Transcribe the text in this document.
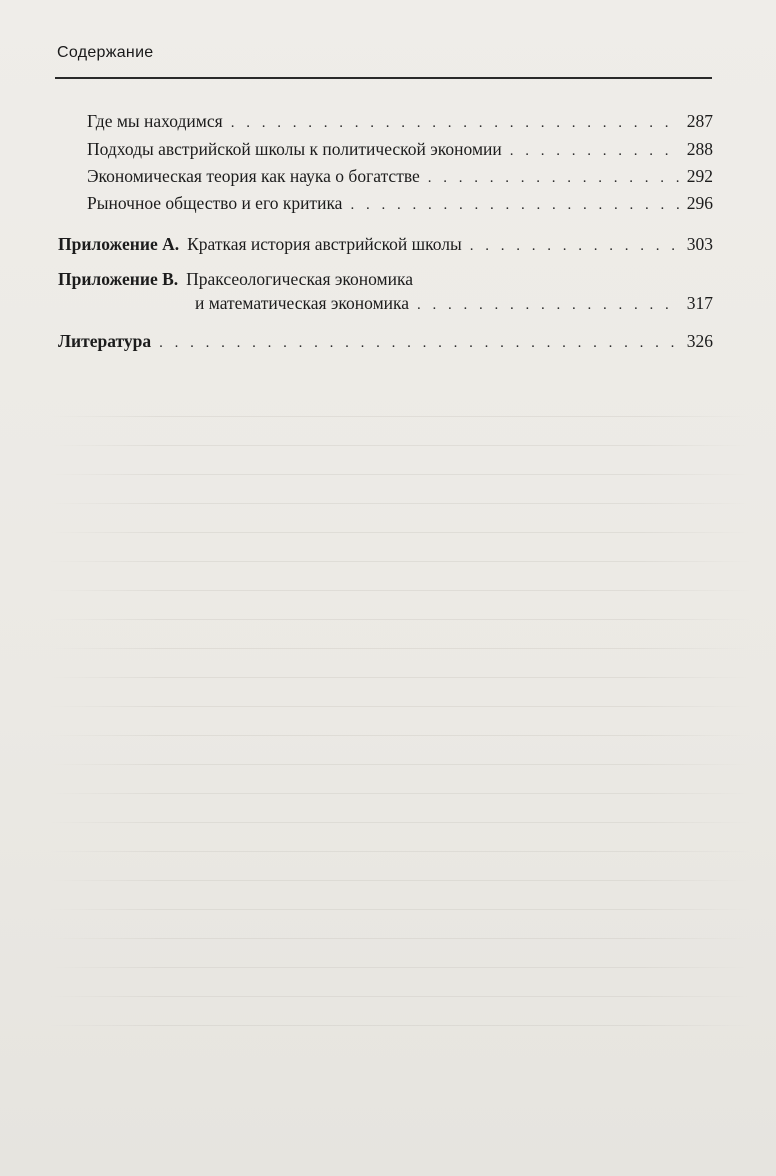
Содержание
Где мы находимся . . .	287
Подходы австрийской школы к политической экономии . . .	288
Экономическая теория как наука о богатстве . . .	292
Рыночное общество и его критика . . .	296
Приложение A. Краткая история австрийской школы . . .	303
Приложение B. Праксеологическая экономика
и математическая экономика . . .	317
Литература . . .	326
